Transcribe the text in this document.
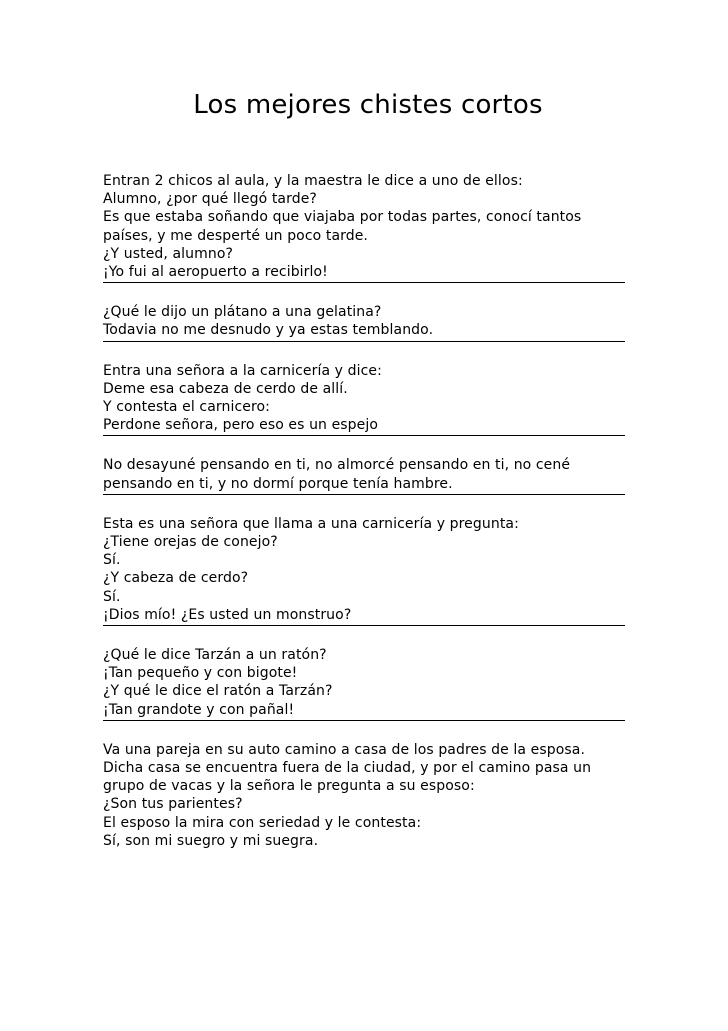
Los mejores chistes cortos
Entran 2 chicos al aula, y la maestra le dice a uno de ellos:
Alumno, ¿por qué llegó tarde?
Es que estaba soñando que viajaba por todas partes, conocí tantos
países, y me desperté un poco tarde.
¿Y usted, alumno?
¡Yo fui al aeropuerto a recibirlo!
¿Qué le dijo un plátano a una gelatina?
Todavia no me desnudo y ya estas temblando.
Entra una señora a la carnicería y dice:
Deme esa cabeza de cerdo de allí.
Y contesta el carnicero:
Perdone señora, pero eso es un espejo
No desayuné pensando en ti, no almorcé pensando en ti, no cené
pensando en ti, y no dormí porque tenía hambre.
Esta es una señora que llama a una carnicería y pregunta:
¿Tiene orejas de conejo?
Sí.
¿Y cabeza de cerdo?
Sí.
¡Dios mío! ¿Es usted un monstruo?
¿Qué le dice Tarzán a un ratón?
¡Tan pequeño y con bigote!
¿Y qué le dice el ratón a Tarzán?
¡Tan grandote y con pañal!
Va una pareja en su auto camino a casa de los padres de la esposa.
Dicha casa se encuentra fuera de la ciudad, y por el camino pasa un
grupo de vacas y la señora le pregunta a su esposo:
¿Son tus parientes?
El esposo la mira con seriedad y le contesta:
Sí, son mi suegro y mi suegra.
